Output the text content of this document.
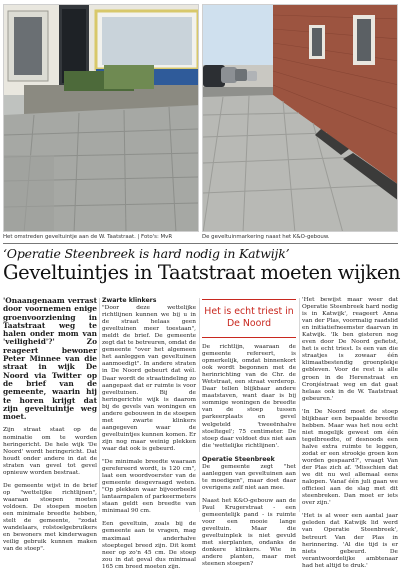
Het omstreden geveltuintje aan de W. Taatstraat. | Foto's: MvR	De geveltuinmarkering naast het K&O-gebouw.
‘Operatie Steenbreek is hard nodig in Katwijk’
Geveltuintjes in Taatstraat moeten wijken
'Onaangenaam verrast door voornemen enige groenvoorziening in Taatstraat weg te halen onder mom van 'veiligheid'?' Zo reageert bewoner Peter Minnee van die straat in wijk De Noord via Twitter op de brief van de gemeente, waarin hij te horen krijgt dat zijn geveltuintje weg moet.

Zijn straat staat op de nominatie om te worden heringericht. De hele wijk 'De Noord' wordt heringericht. Dat houdt onder andere in dat de straten van gevel tot gevel opnieuw worden bestraat.

De gemeente wijst in de brief op "wettelijke richtlijnen", waaraan stoepen moeten voldoen. De stoepen moeten een minimale breedte hebben, stelt de gemeente, "zodat wandelaars, rolstoelgebruikers en bewoners met kinderwagen veilig gebruik kunnen maken van de stoep".

Zwarte klinkers

"Door deze wettelijke richtlijnen kunnen we bij u in de straat helaas geen geveltuinen meer toestaan", meldt de brief. De gemeente zegt dat te betreuren, omdat de gemeente "over het algemeen het aanleggen van geveltuinen aanmoedigt". In andere straten in De Noord gebeurt dat wél. Daar wordt de straatindeling zo aangepast dat er ruimte is voor geveltuinen. Bij de heringerichte wijk is daarom bij de gevels van woningen en andere gebouwen in de stoepen met zwarte klinkers aangegeven waar de geveltuintjes kunnen komen. Er zijn nog maar weinig plekken waar dat ook is gebeurd.

"De minimale breedte waaraan gerefereerd wordt, is 120 cm", laat een woordvoerster van de gemeente desgevraagd weten. "Op plekken waar bijvoorbeeld lantaarnpalen of parkeermeters staan geldt een breedte van minimaal 90 cm.

Een geveltuin, zoals bij de gemeente aan te vragen, mag maximaal anderhalve stoeptegel breed zijn. Dit komt neer op zo'n 45 cm. De stoep zou in dat geval dus minimaal 165 cm breed moeten zijn.

Het is echt triest in De Noord

De richtlijn, waaraan de gemeente refereert, is opmerkelijk, omdat binnenkort ook wordt begonnen met de herinrichting van de Chr. de Wetstraat, een straat verderop. Daar tellen blijkbaar andere maatstaven, want daar is bij sommige woningen de breedte van de stoep tussen parkeerplaats en gevel welgeteld 'tweeënhalve stoeltegel'; 75 centimeter. De stoep daar voldoet dus niet aan die 'wettelijke richtlijnen'.

Operatie Steenbreek

De gemeente zegt "het aanleggen van geveltuinen aan te moedigen", maar doet daar overigens zelf niet aan mee.

Naast het K&O-gebouw aan de Paul Krugerstraat - een gemeentelijk pand - is ruimte voor een mooie lange geveltuin. Maar die geveltuinplek is niet gevuld met sierplanten, ondanks de donkere klinkers. Wie in andere planten, maar met steenen stoepen?

'Het bewijst maar weer dat Operatie Steenbreek hard nodig is in Katwijk', reageert Anna van der Plas, voormalig raadslid en initiatiefneemster daarvan in Katwijk. 'Ik ben gisteren nog even door De Noord gefietst, het is echt triest. Is een van die straatjes is zowaar één klimaatbestendig groenplekje gebleven. Voor de rest is alle groen in de Herenstraat en Cronjéstraat weg en dat gaat helaas ook in de W. Taatstraat gebeuren.'

'In De Noord moet de stoep blijkbaar een bepaalde breedte hebben. Maar was het nou echt niet mogelijk gewest om één tegelbreedte, of desnoods een halve extra ruimte te leggen, zodat er een strookje groen kon worden gespaard?', vraagt Van der Plas zich af. 'Misschien dat we dit nu wel allemaal eens nalopen. Vanaf één juli gaan we officieel aan de slag met dit steenbreken. Dan moet er iets over zijn.'

'Het is al weer een aantal jaar geleden dat Katwijk lid werd van Operatie Steenbreek', betreurt Van der Plas in herinnering. 'Al die tijd is er niets gebeurd. De verantwoordelijke ambtenaar had het altijd te druk.'
